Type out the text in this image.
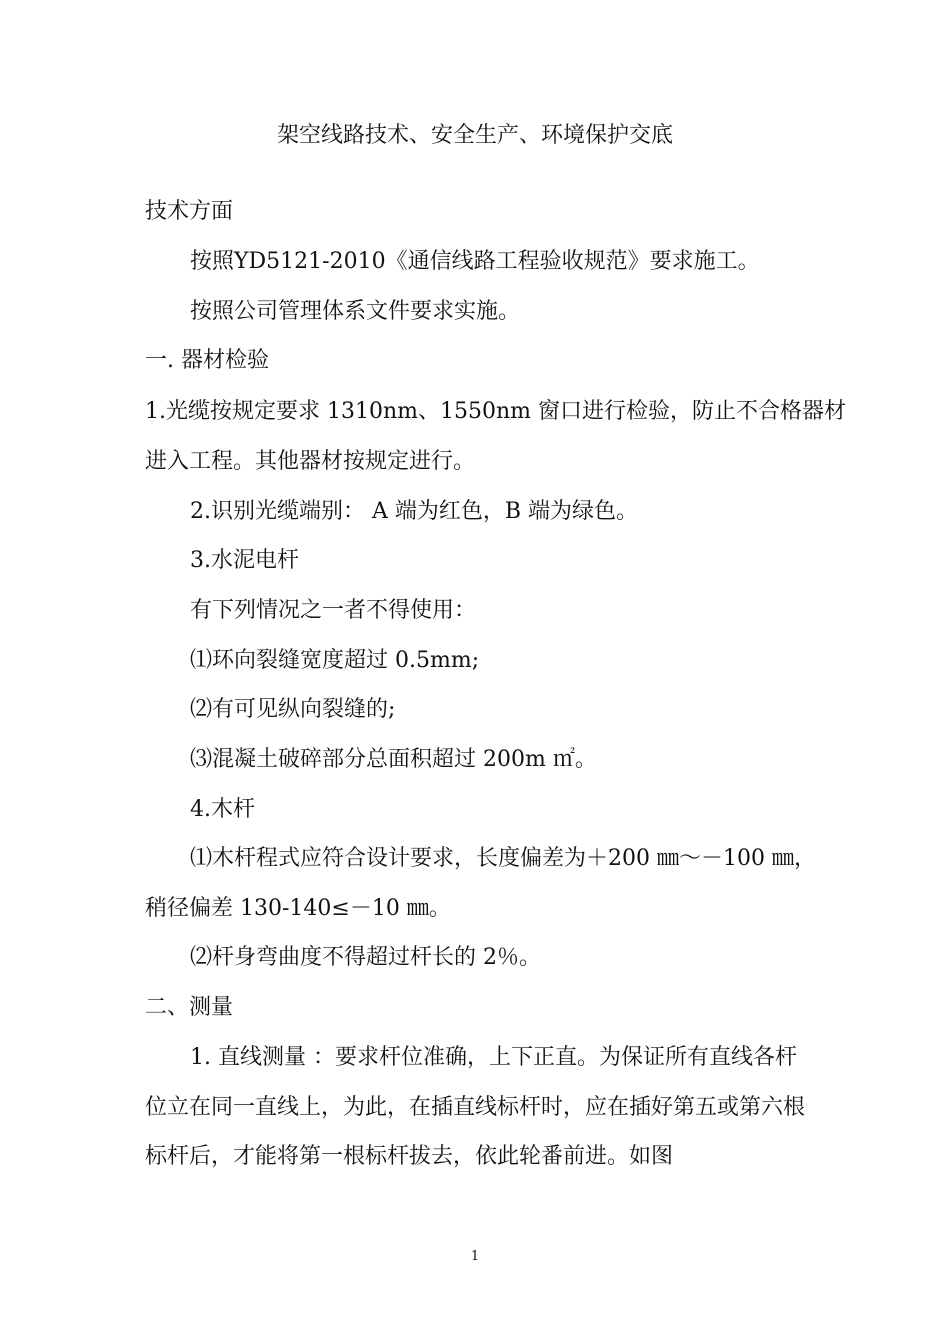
架空线路技术、安全生产、环境保护交底
技术方面
按照YD5121-2010《通信线路工程验收规范》要求施工。
按照公司管理体系文件要求实施。
一. 器材检验
1.光缆按规定要求 1310nm、1550nm 窗口进行检验，防止不合格器材
进入工程。其他器材按规定进行。
2.识别光缆端别： A 端为红色，B 端为绿色。
3.水泥电杆
有下列情况之一者不得使用：
⑴环向裂缝宽度超过 0.5mm;
⑵有可见纵向裂缝的;
⑶混凝土破碎部分总面积超过 200m ㎡。
4.木杆
⑴木杆程式应符合设计要求，长度偏差为＋200 ㎜～－100 ㎜，
稍径偏差 130-140≤－10 ㎜。
⑵杆身弯曲度不得超过杆长的 2％。
二、测量
1. 直线测量 ：要求杆位准确，上下正直。为保证所有直线各杆
位立在同一直线上，为此，在插直线标杆时，应在插好第五或第六根
标杆后，才能将第一根标杆拔去，依此轮番前进。如图
1
